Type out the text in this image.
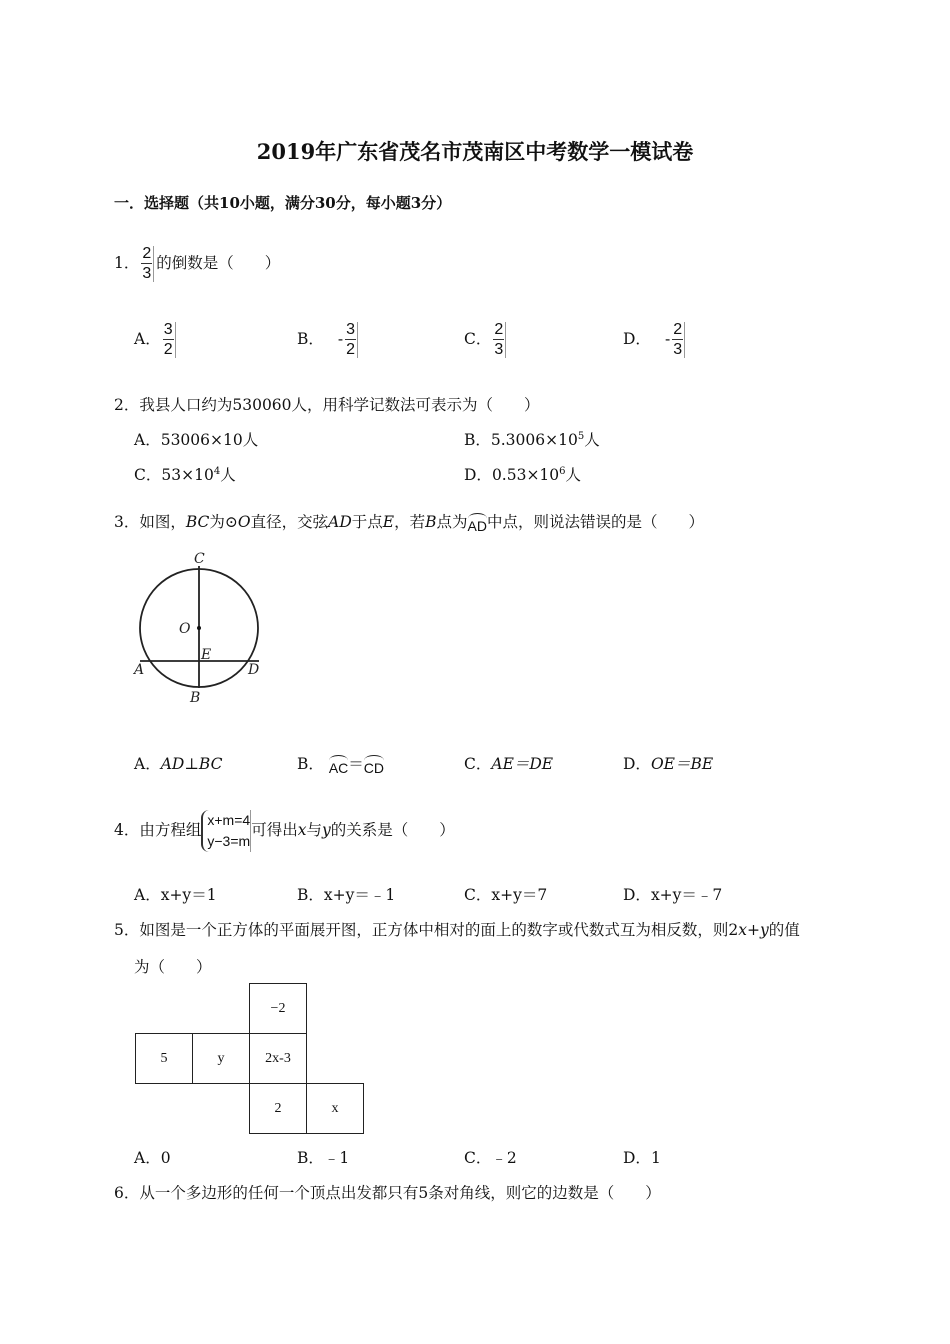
2019年广东省茂名市茂南区中考数学一模试卷
一．选择题（共10小题，满分30分，每小题3分）
1． $\frac{2}{3}$ 的倒数是（　　）
A． $\frac{3}{2}$	B． - $\frac{3}{2}$	C． $\frac{2}{3}$	D． - $\frac{2}{3}$
2．我县人口约为530060人，用科学记数法可表示为（　　）
A．53006×10人	B．$5.3006\times 10^5$人
C．$53\times 10^4$人	D．$0.53\times 10^6$人
3．如图，BC为⊙O直径，交弦AD于点E，若B点为AD中点，则说法错误的是（　　）
C
O
E
A	D
B
A．AD⊥BC	B． AC＝CD	C．AE＝DE	D．OE＝BE
4．由方程组
x+m=4
y−3=m
可得出x与y的关系是（　　）
A．x+y＝1	B．x+y＝﹣1	C．x+y＝7	D．x+y＝﹣7
5．如图是一个正方体的平面展开图，正方体中相对的面上的数字或代数式互为相反数，则2x+y的值
为（　　）
		−2	
5	y	2x-3	
		2	x
A．0	B．﹣1	C．﹣2	D．1
6．从一个多边形的任何一个顶点出发都只有5条对角线，则它的边数是（　　）
